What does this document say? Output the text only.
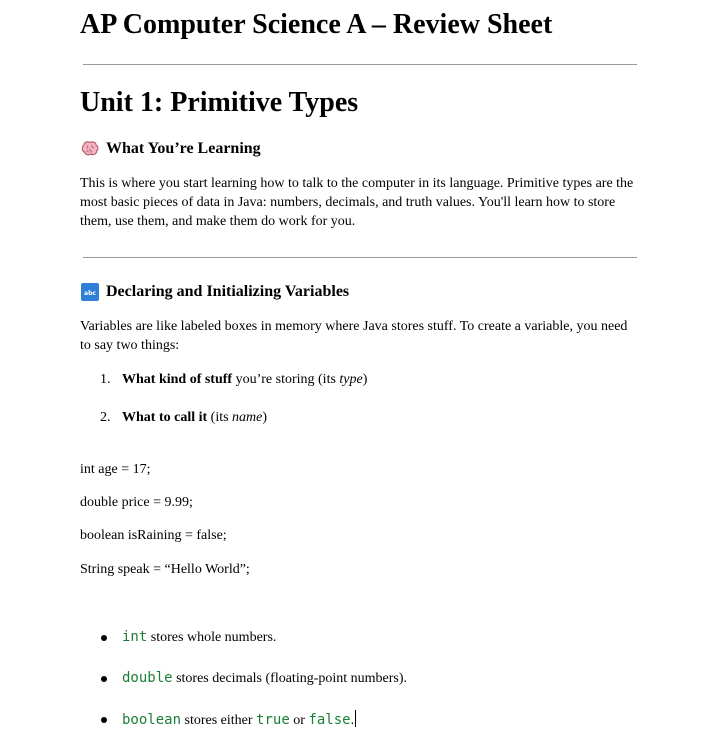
AP Computer Science A – Review Sheet
Unit 1: Primitive Types
What You’re Learning

This is where you start learning how to talk to the computer in its language. Primitive types are the most basic pieces of data in Java: numbers, decimals, and truth values. You'll learn how to store them, use them, and make them do work for you.

abc Declaring and Initializing Variables

Variables are like labeled boxes in memory where Java stores stuff. To create a variable, you need to say two things:

1. What kind of stuff you’re storing (its type)
2. What to call it (its name)

int age = 17;

double price = 9.99;

boolean isRaining = false;

String speak = “Hello World”;

int stores whole numbers.
double stores decimals (floating-point numbers).
boolean stores either true or false.
